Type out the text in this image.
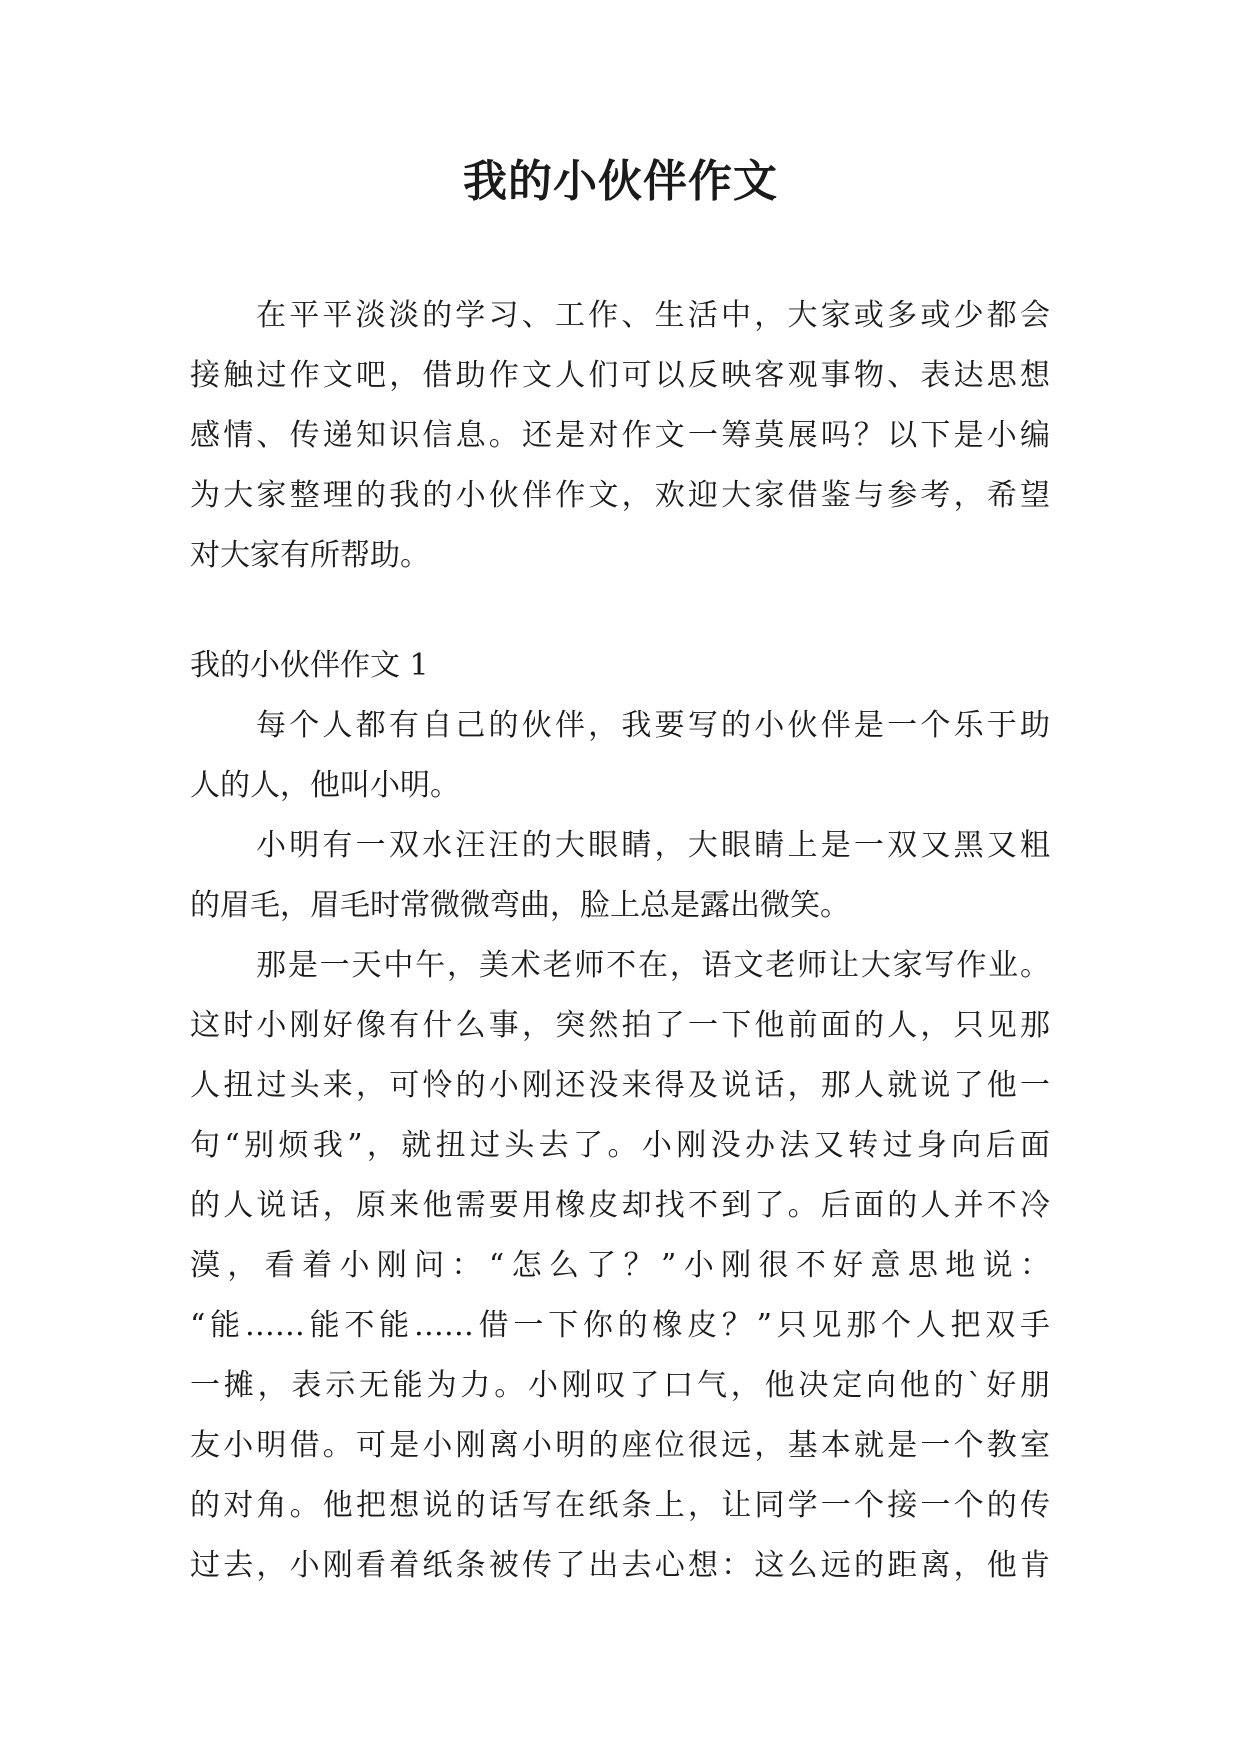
我的小伙伴作文
在平平淡淡的学习、工作、生活中，大家或多或少都会
接触过作文吧，借助作文人们可以反映客观事物、表达思想
感情、传递知识信息。还是对作文一筹莫展吗？以下是小编
为大家整理的我的小伙伴作文，欢迎大家借鉴与参考，希望
对大家有所帮助。
我的小伙伴作文 1
每个人都有自己的伙伴，我要写的小伙伴是一个乐于助
人的人，他叫小明。
小明有一双水汪汪的大眼睛，大眼睛上是一双又黑又粗
的眉毛，眉毛时常微微弯曲，脸上总是露出微笑。
那是一天中午，美术老师不在，语文老师让大家写作业。
这时小刚好像有什么事，突然拍了一下他前面的人，只见那
人扭过头来，可怜的小刚还没来得及说话，那人就说了他一
句“别烦我”，就扭过头去了。小刚没办法又转过身向后面
的人说话，原来他需要用橡皮却找不到了。后面的人并不冷
漠，看着小刚问：“怎么了？”小刚很不好意思地说：
“能……能不能……借一下你的橡皮？”只见那个人把双手
一摊，表示无能为力。小刚叹了口气，他决定向他的`好朋
友小明借。可是小刚离小明的座位很远，基本就是一个教室
的对角。他把想说的话写在纸条上，让同学一个接一个的传
过去，小刚看着纸条被传了出去心想：这么远的距离，他肯
